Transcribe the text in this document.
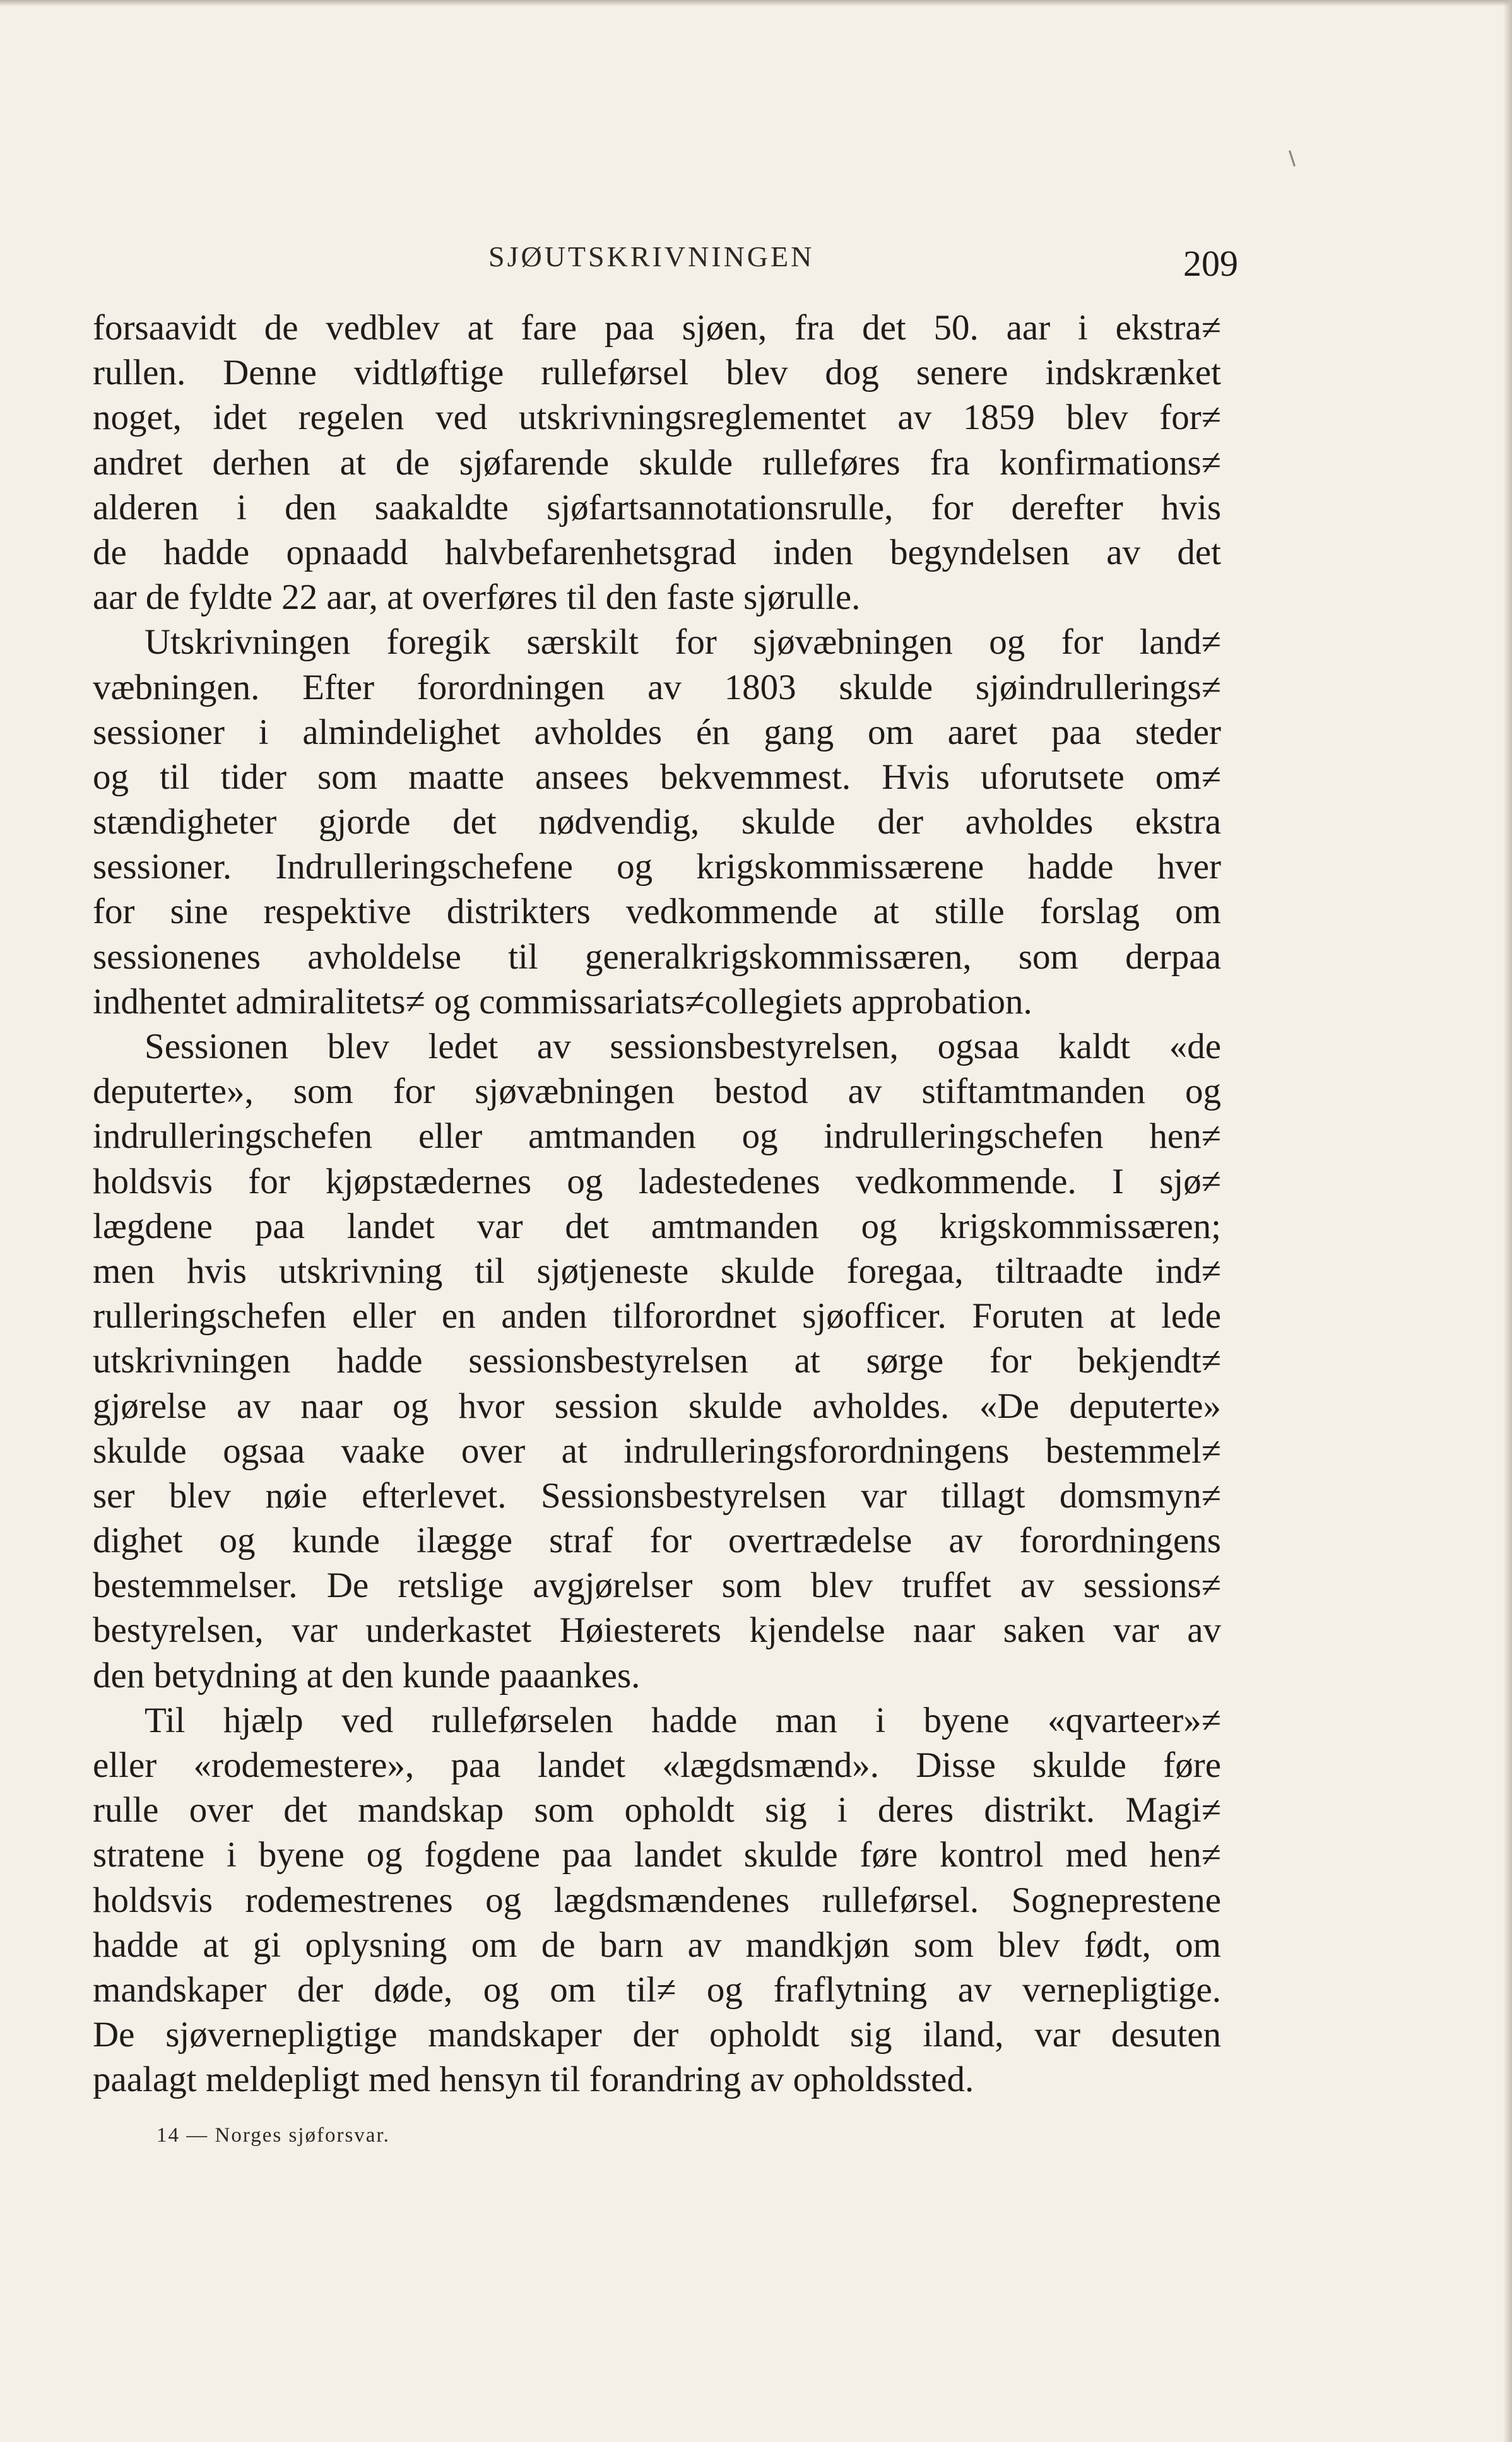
SJØUTSKRIVNINGEN	209
forsaavidt de vedblev at fare paa sjøen, fra det 50. aar i ekstra≠
rullen. Denne vidtløftige rulleførsel blev dog senere indskrænket
noget, idet regelen ved utskrivningsreglementet av 1859 blev for≠
andret derhen at de sjøfarende skulde rulleføres fra konfirmations≠
alderen i den saakaldte sjøfartsannotationsrulle, for derefter hvis
de hadde opnaadd halvbefarenhetsgrad inden begyndelsen av det
aar de fyldte 22 aar, at overføres til den faste sjørulle.
Utskrivningen foregik særskilt for sjøvæbningen og for land≠
væbningen. Efter forordningen av 1803 skulde sjøindrullerings≠
sessioner i almindelighet avholdes én gang om aaret paa steder
og til tider som maatte ansees bekvemmest. Hvis uforutsete om≠
stændigheter gjorde det nødvendig, skulde der avholdes ekstra
sessioner. Indrulleringschefene og krigskommissærene hadde hver
for sine respektive distrikters vedkommende at stille forslag om
sessionenes avholdelse til generalkrigskommissæren, som derpaa
indhentet admiralitets≠ og commissariats≠collegiets approbation.
Sessionen blev ledet av sessionsbestyrelsen, ogsaa kaldt «de
deputerte», som for sjøvæbningen bestod av stiftamtmanden og
indrulleringschefen eller amtmanden og indrulleringschefen hen≠
holdsvis for kjøpstædernes og ladestedenes vedkommende. I sjø≠
lægdene paa landet var det amtmanden og krigskommissæren;
men hvis utskrivning til sjøtjeneste skulde foregaa, tiltraadte ind≠
rulleringschefen eller en anden tilforordnet sjøofficer. Foruten at lede
utskrivningen hadde sessionsbestyrelsen at sørge for bekjendt≠
gjørelse av naar og hvor session skulde avholdes. «De deputerte»
skulde ogsaa vaake over at indrulleringsforordningens bestemmel≠
ser blev nøie efterlevet. Sessionsbestyrelsen var tillagt domsmyn≠
dighet og kunde ilægge straf for overtrædelse av forordningens
bestemmelser. De retslige avgjørelser som blev truffet av sessions≠
bestyrelsen, var underkastet Høiesterets kjendelse naar saken var av
den betydning at den kunde paaankes.
Til hjælp ved rulleførselen hadde man i byene «qvarteer»≠
eller «rodemestere», paa landet «lægdsmænd». Disse skulde føre
rulle over det mandskap som opholdt sig i deres distrikt. Magi≠
stratene i byene og fogdene paa landet skulde føre kontrol med hen≠
holdsvis rodemestrenes og lægdsmændenes rulleførsel. Sogneprestene
hadde at gi oplysning om de barn av mandkjøn som blev født, om
mandskaper der døde, og om til≠ og fraflytning av vernepligtige.
De sjøvernepligtige mandskaper der opholdt sig iland, var desuten
paalagt meldepligt med hensyn til forandring av opholdssted.
14 — Norges sjøforsvar.
